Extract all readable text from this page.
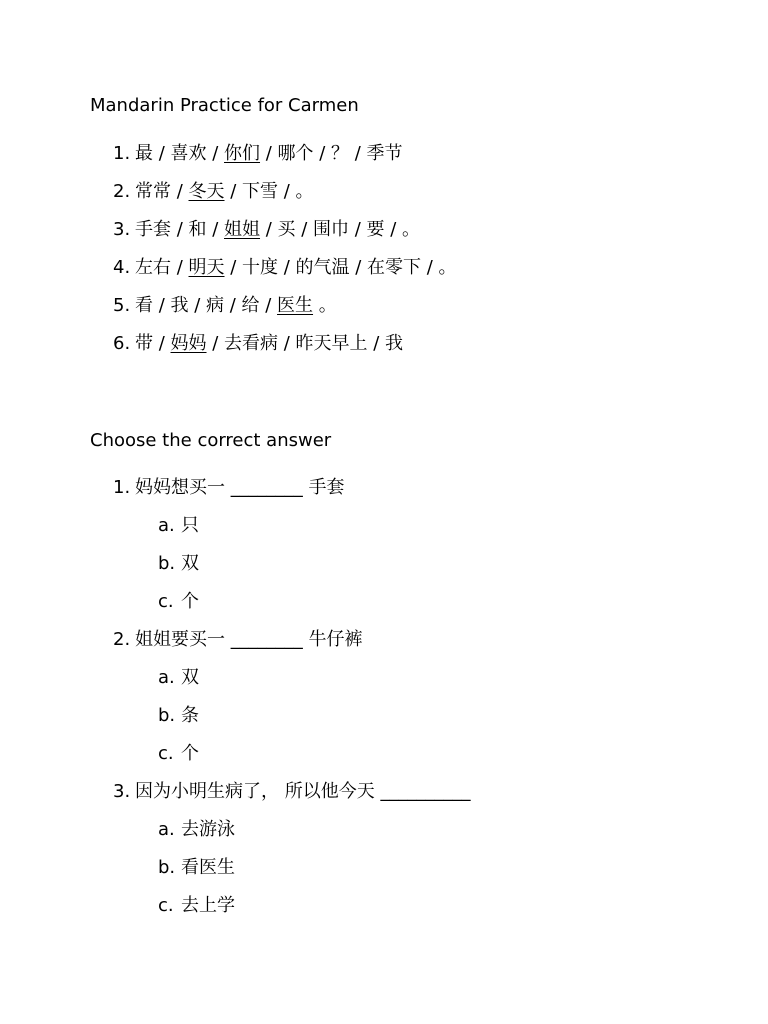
Mandarin Practice for Carmen
1. 最 / 喜欢 / 你们 / 哪个 / ？ / 季节
2. 常常 / 冬天 / 下雪 / 。
3. 手套 / 和 / 姐姐 / 买 / 围巾 / 要 / 。
4. 左右 / 明天 / 十度 / 的气温 / 在零下 / 。
5. 看 / 我 / 病 / 给 / 医生 。
6. 带 / 妈妈 / 去看病 / 昨天早上 / 我
Choose the correct answer
1. 妈妈想买一 ________ 手套
a. 只
b. 双
c. 个
2. 姐姐要买一 ________ 牛仔裤
a. 双
b. 条
c. 个
3. 因为小明生病了， 所以他今天 __________
a. 去游泳
b. 看医生
c. 去上学
